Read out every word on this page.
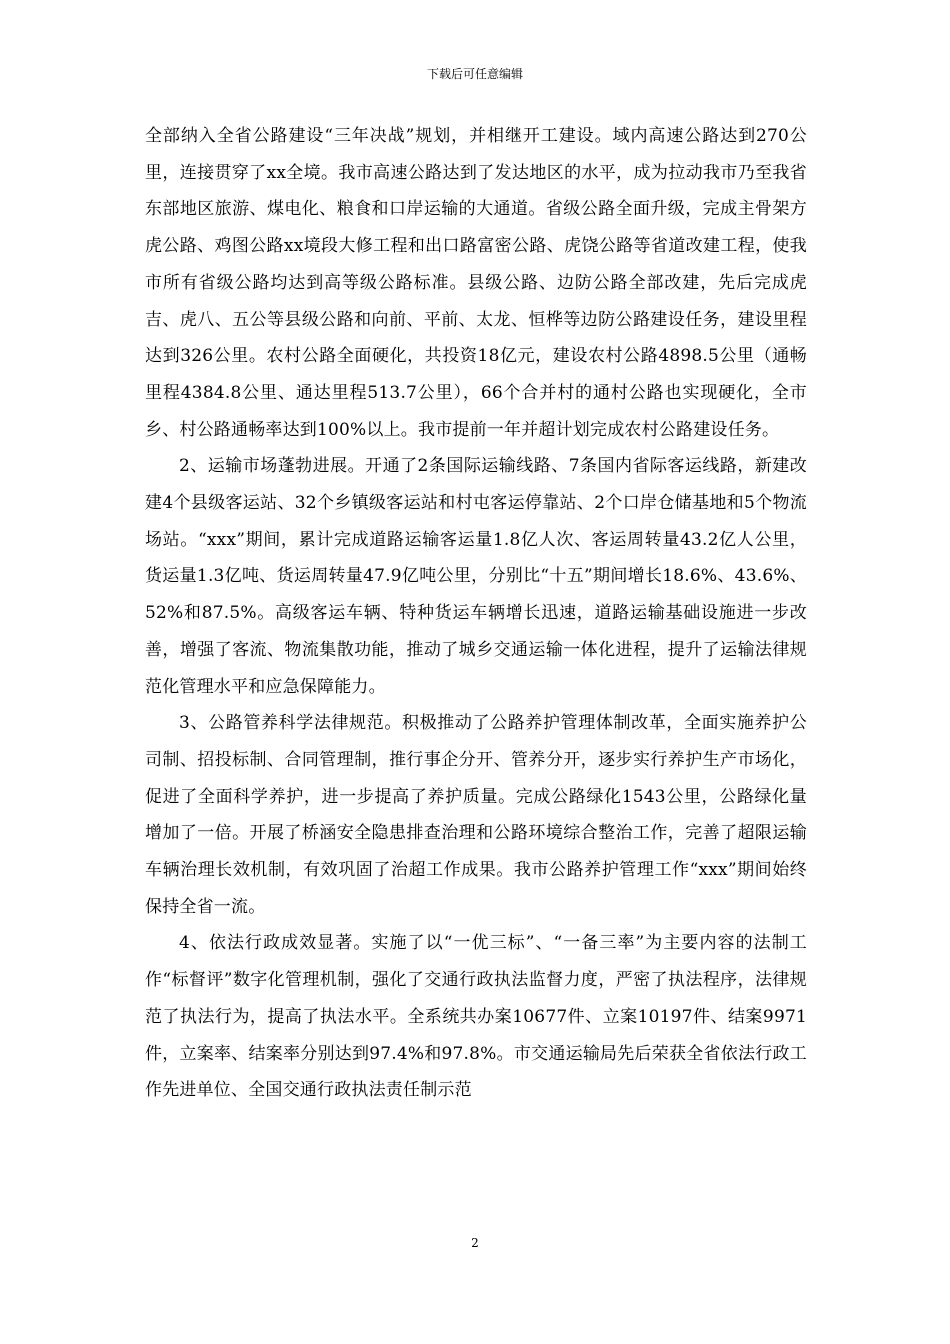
下载后可任意编辑

全部纳入全省公路建设“三年决战”规划，并相继开工建设。域内高速公路达到270公里，连接贯穿了xx全境。我市高速公路达到了发达地区的水平，成为拉动我市乃至我省东部地区旅游、煤电化、粮食和口岸运输的大通道。省级公路全面升级，完成主骨架方虎公路、鸡图公路xx境段大修工程和出口路富密公路、虎饶公路等省道改建工程，使我市所有省级公路均达到高等级公路标准。县级公路、边防公路全部改建，先后完成虎吉、虎八、五公等县级公路和向前、平前、太龙、恒桦等边防公路建设任务，建设里程达到326公里。农村公路全面硬化，共投资18亿元，建设农村公路4898.5公里（通畅里程4384.8公里、通达里程513.7公里），66个合并村的通村公路也实现硬化，全市乡、村公路通畅率达到100%以上。我市提前一年并超计划完成农村公路建设任务。

2、运输市场蓬勃进展。开通了2条国际运输线路、7条国内省际客运线路，新建改建4个县级客运站、32个乡镇级客运站和村屯客运停靠站、2个口岸仓储基地和5个物流场站。“xxx”期间，累计完成道路运输客运量1.8亿人次、客运周转量43.2亿人公里，货运量1.3亿吨、货运周转量47.9亿吨公里，分别比“十五”期间增长18.6%、43.6%、52%和87.5%。高级客运车辆、特种货运车辆增长迅速，道路运输基础设施进一步改善，增强了客流、物流集散功能，推动了城乡交通运输一体化进程，提升了运输法律规范化管理水平和应急保障能力。

3、公路管养科学法律规范。积极推动了公路养护管理体制改革，全面实施养护公司制、招投标制、合同管理制，推行事企分开、管养分开，逐步实行养护生产市场化，促进了全面科学养护，进一步提高了养护质量。完成公路绿化1543公里，公路绿化量增加了一倍。开展了桥涵安全隐患排查治理和公路环境综合整治工作，完善了超限运输车辆治理长效机制，有效巩固了治超工作成果。我市公路养护管理工作“xxx”期间始终保持全省一流。

4、依法行政成效显著。实施了以“一优三标”、“一备三率”为主要内容的法制工作“标督评”数字化管理机制，强化了交通行政执法监督力度，严密了执法程序，法律规范了执法行为，提高了执法水平。全系统共办案10677件、立案10197件、结案9971件，立案率、结案率分别达到97.4%和97.8%。市交通运输局先后荣获全省依法行政工作先进单位、全国交通行政执法责任制示范

2
